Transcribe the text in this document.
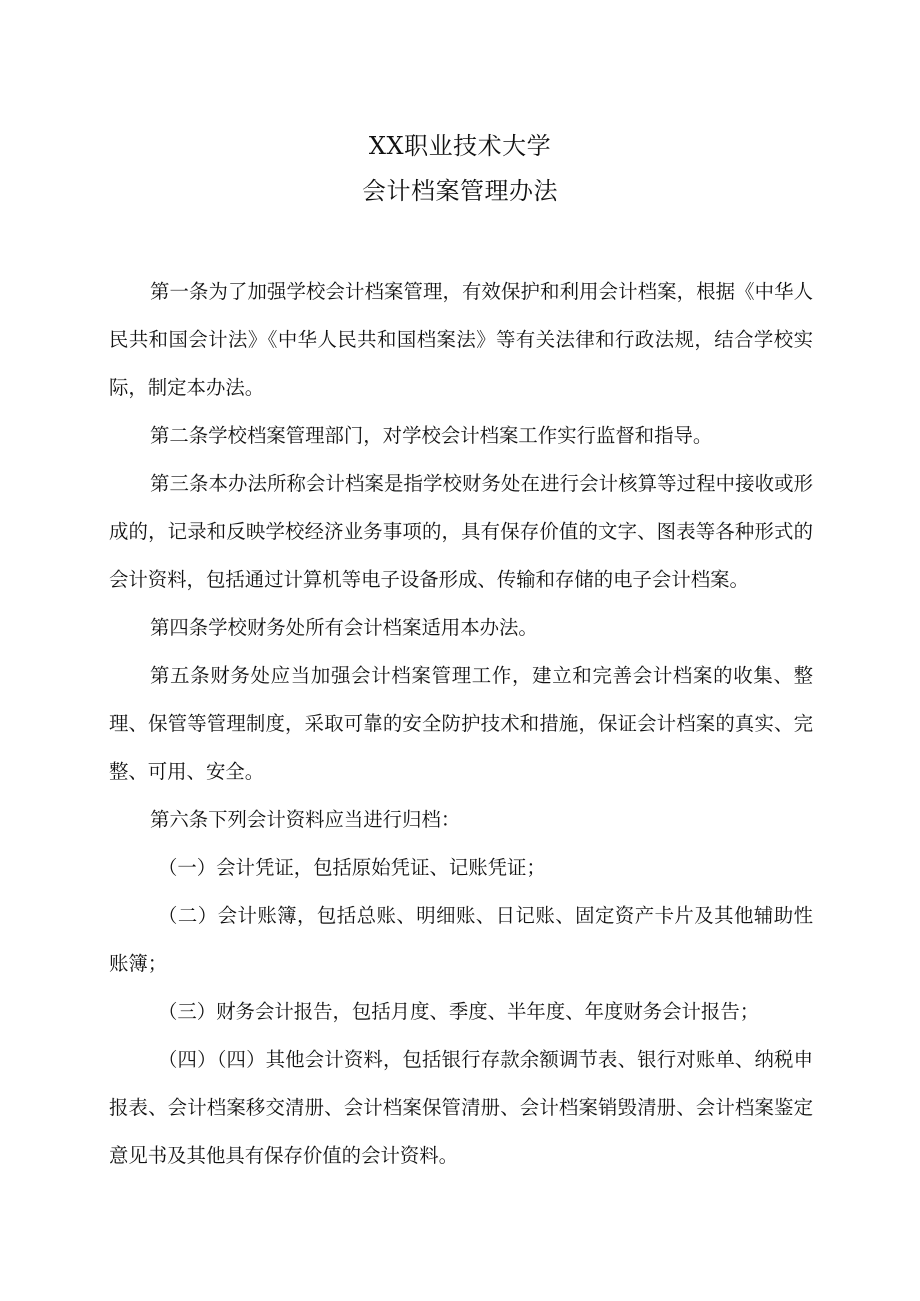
XX职业技术大学
会计档案管理办法

第一条为了加强学校会计档案管理，有效保护和利用会计档案，根据《中华人民共和国会计法》《中华人民共和国档案法》等有关法律和行政法规，结合学校实际，制定本办法。

第二条学校档案管理部门，对学校会计档案工作实行监督和指导。

第三条本办法所称会计档案是指学校财务处在进行会计核算等过程中接收或形成的，记录和反映学校经济业务事项的，具有保存价值的文字、图表等各种形式的会计资料，包括通过计算机等电子设备形成、传输和存储的电子会计档案。

第四条学校财务处所有会计档案适用本办法。

第五条财务处应当加强会计档案管理工作，建立和完善会计档案的收集、整理、保管等管理制度，采取可靠的安全防护技术和措施，保证会计档案的真实、完整、可用、安全。

第六条下列会计资料应当进行归档：

（一）会计凭证，包括原始凭证、记账凭证；

（二）会计账簿，包括总账、明细账、日记账、固定资产卡片及其他辅助性账簿；

（三）财务会计报告，包括月度、季度、半年度、年度财务会计报告；

（四）（四）其他会计资料，包括银行存款余额调节表、银行对账单、纳税申报表、会计档案移交清册、会计档案保管清册、会计档案销毁清册、会计档案鉴定意见书及其他具有保存价值的会计资料。
